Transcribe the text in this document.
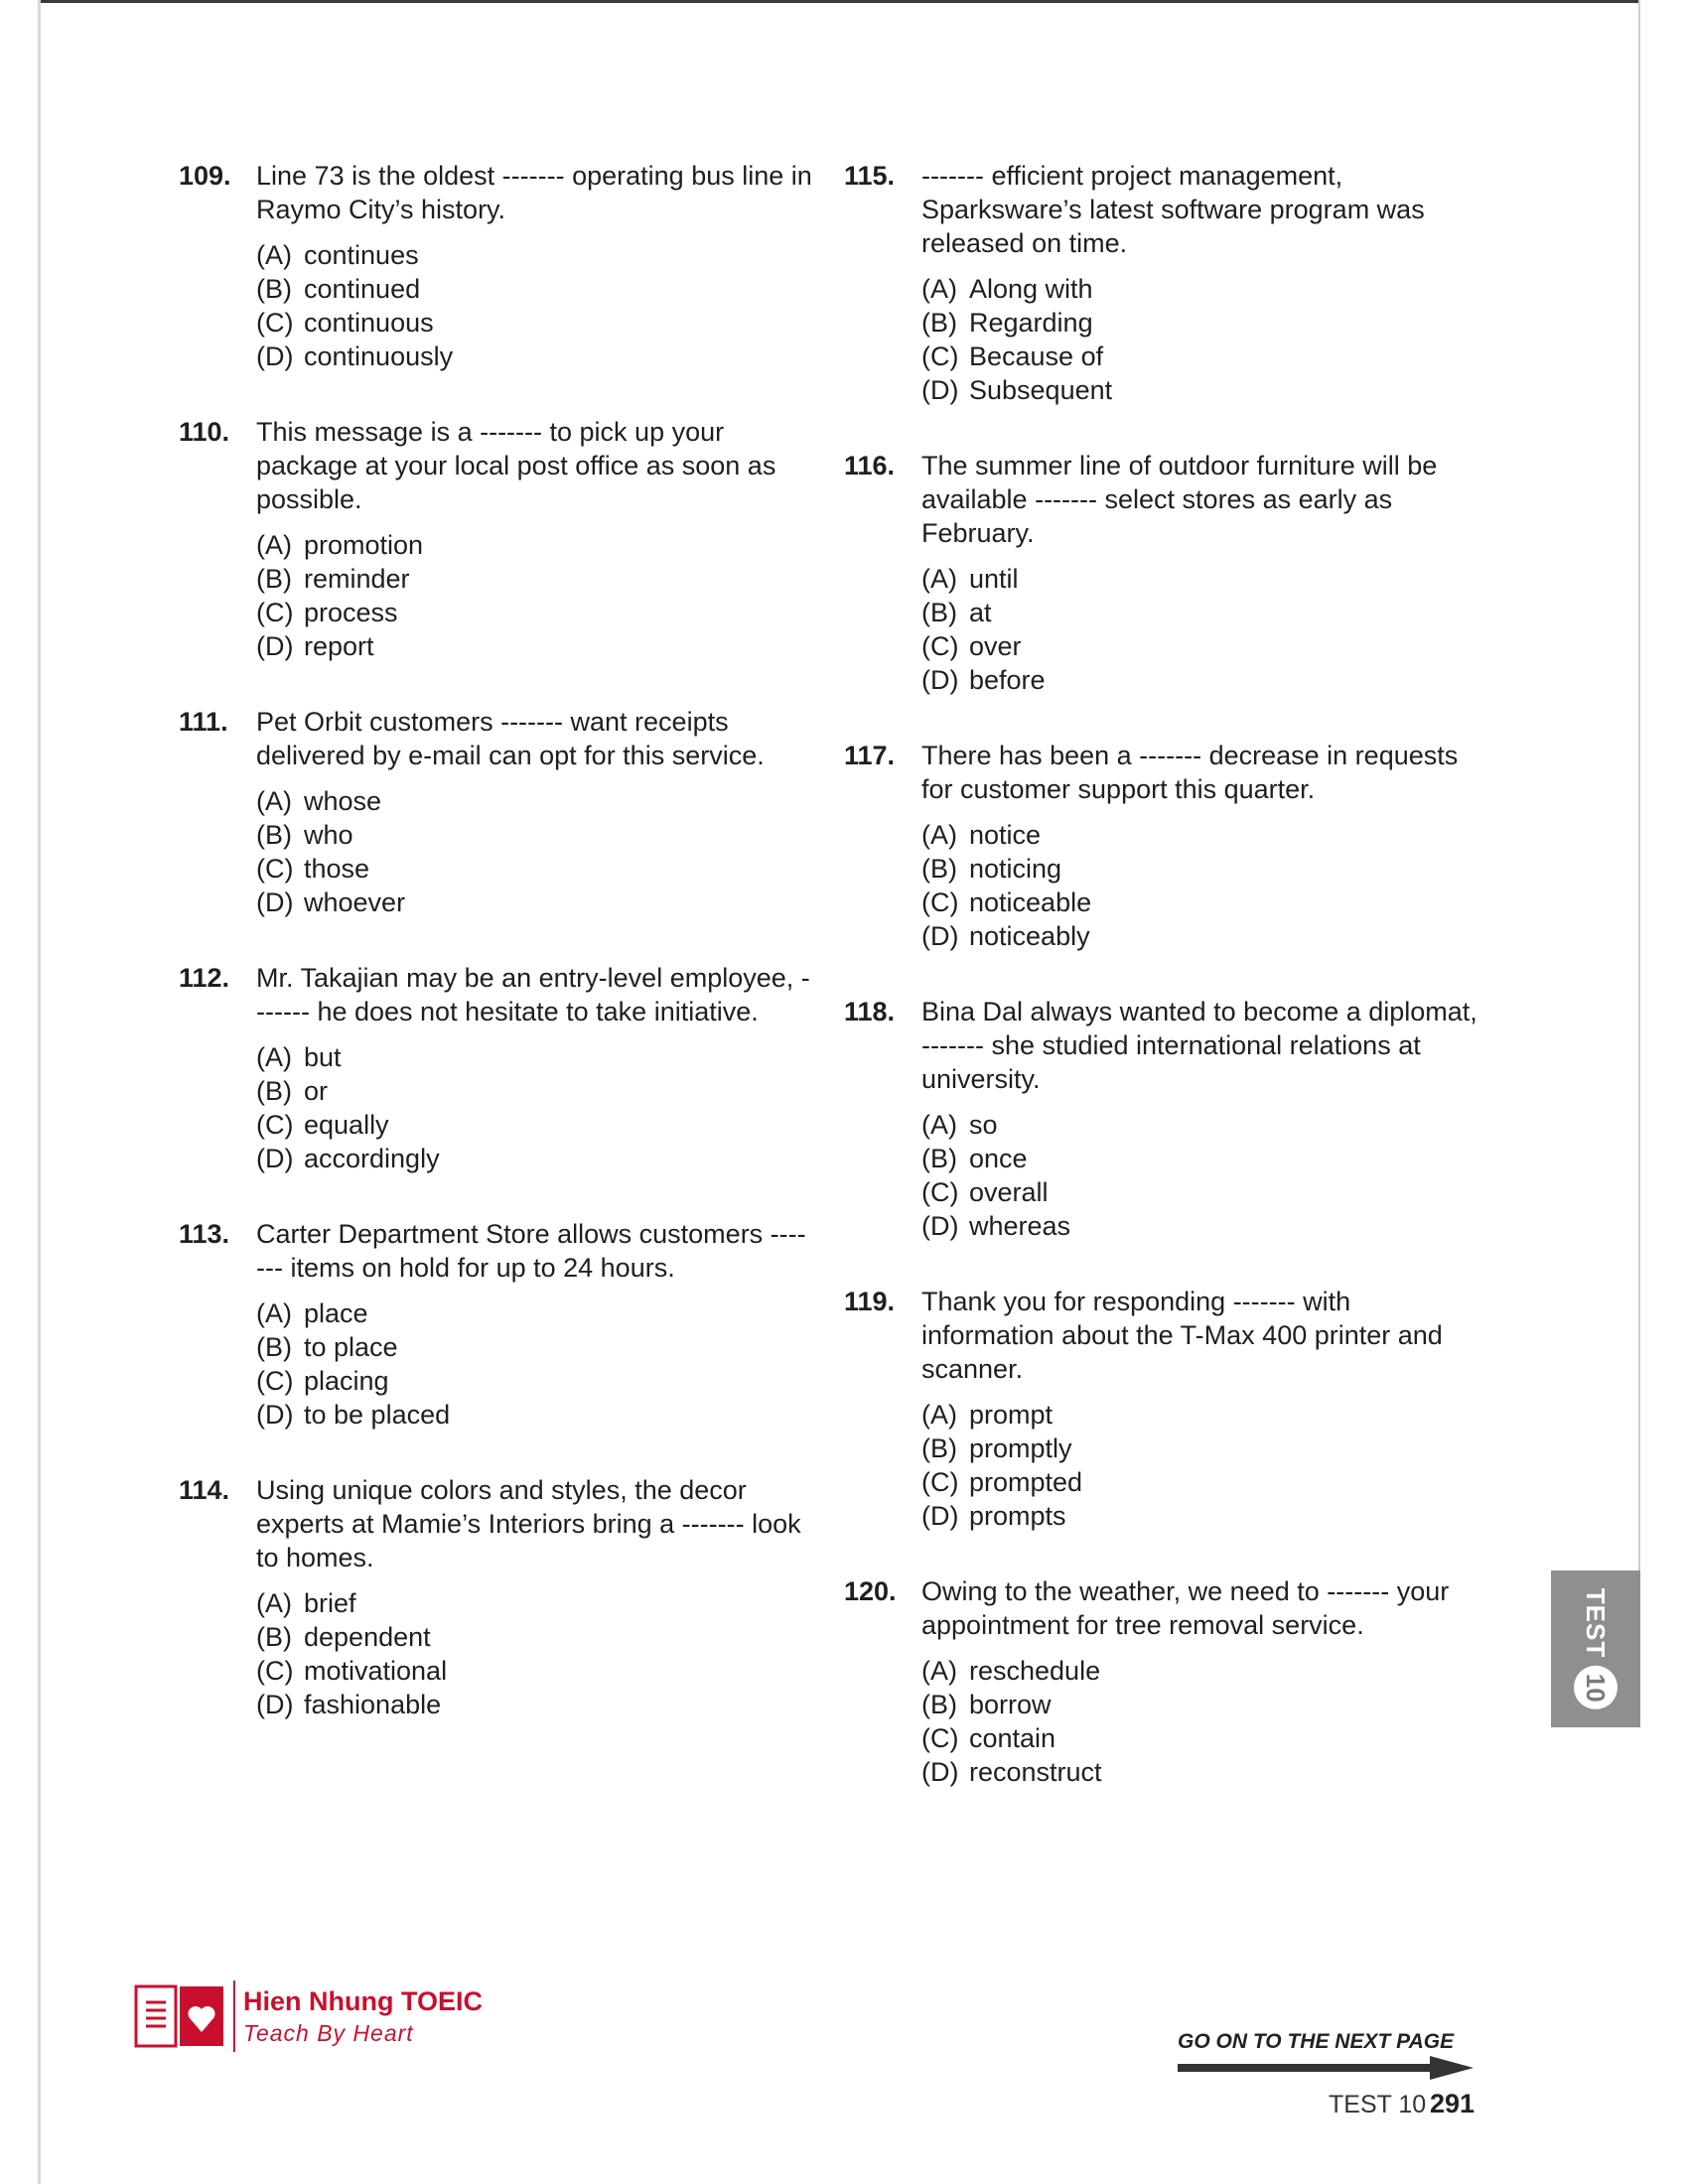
109. Line 73 is the oldest ------- operating bus line in Raymo City’s history.
(A) continues
(B) continued
(C) continuous
(D) continuously
110. This message is a ------- to pick up your package at your local post office as soon as possible.
(A) promotion
(B) reminder
(C) process
(D) report
111. Pet Orbit customers ------- want receipts delivered by e-mail can opt for this service.
(A) whose
(B) who
(C) those
(D) whoever
112. Mr. Takajian may be an entry-level employee, ------- he does not hesitate to take initiative.
(A) but
(B) or
(C) equally
(D) accordingly
113. Carter Department Store allows customers ------- items on hold for up to 24 hours.
(A) place
(B) to place
(C) placing
(D) to be placed
114. Using unique colors and styles, the decor experts at Mamie’s Interiors bring a ------- look to homes.
(A) brief
(B) dependent
(C) motivational
(D) fashionable
115. ------- efficient project management, Sparksware’s latest software program was released on time.
(A) Along with
(B) Regarding
(C) Because of
(D) Subsequent
116. The summer line of outdoor furniture will be available ------- select stores as early as February.
(A) until
(B) at
(C) over
(D) before
117. There has been a ------- decrease in requests for customer support this quarter.
(A) notice
(B) noticing
(C) noticeable
(D) noticeably
118. Bina Dal always wanted to become a diplomat, ------- she studied international relations at university.
(A) so
(B) once
(C) overall
(D) whereas
119. Thank you for responding ------- with information about the T-Max 400 printer and scanner.
(A) prompt
(B) promptly
(C) prompted
(D) prompts
120. Owing to the weather, we need to ------- your appointment for tree removal service.
(A) reschedule
(B) borrow
(C) contain
(D) reconstruct
TEST
10
Hien Nhung TOEIC
Teach By Heart	GO ON TO THE NEXT PAGE
TEST 10 291
